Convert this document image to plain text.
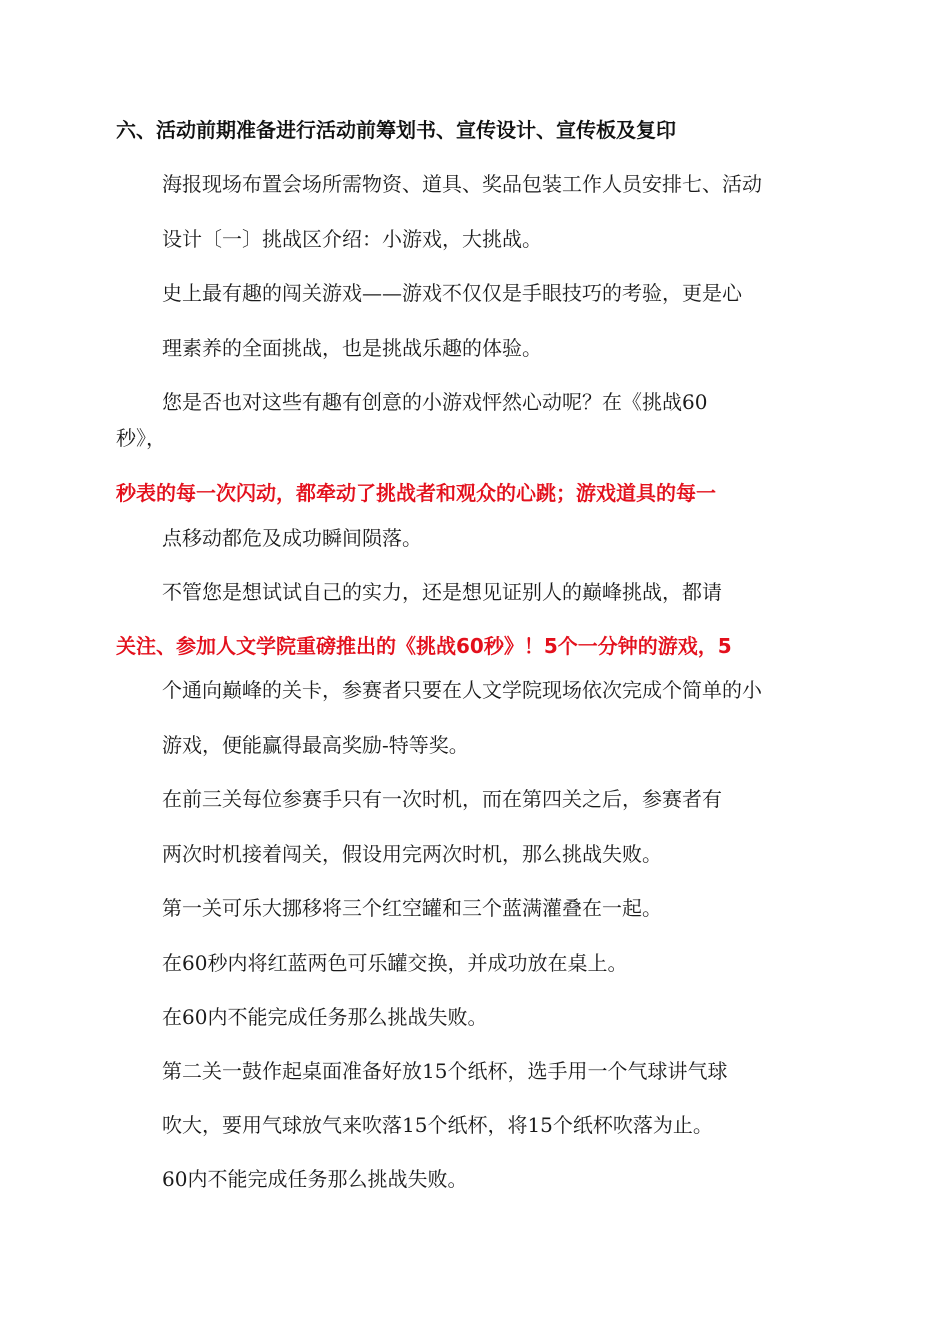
六、活动前期准备进行活动前筹划书、宣传设计、宣传板及复印
海报现场布置会场所需物资、道具、奖品包装工作人员安排七、活动
设计〔一〕挑战区介绍：小游戏，大挑战。
史上最有趣的闯关游戏——游戏不仅仅是手眼技巧的考验，更是心
理素养的全面挑战，也是挑战乐趣的体验。
您是否也对这些有趣有创意的小游戏怦然心动呢？在《挑战60
秒》，
秒表的每一次闪动，都牵动了挑战者和观众的心跳；游戏道具的每一
点移动都危及成功瞬间陨落。
不管您是想试试自己的实力，还是想见证别人的巅峰挑战，都请
关注、参加人文学院重磅推出的《挑战60秒》！5个一分钟的游戏，5
个通向巅峰的关卡，参赛者只要在人文学院现场依次完成个简单的小
游戏，便能赢得最高奖励-特等奖。
在前三关每位参赛手只有一次时机，而在第四关之后，参赛者有
两次时机接着闯关，假设用完两次时机，那么挑战失败。
第一关可乐大挪移将三个红空罐和三个蓝满灌叠在一起。
在60秒内将红蓝两色可乐罐交换，并成功放在桌上。
在60内不能完成任务那么挑战失败。
第二关一鼓作起桌面准备好放15个纸杯，选手用一个气球讲气球
吹大，要用气球放气来吹落15个纸杯，将15个纸杯吹落为止。
60内不能完成任务那么挑战失败。
